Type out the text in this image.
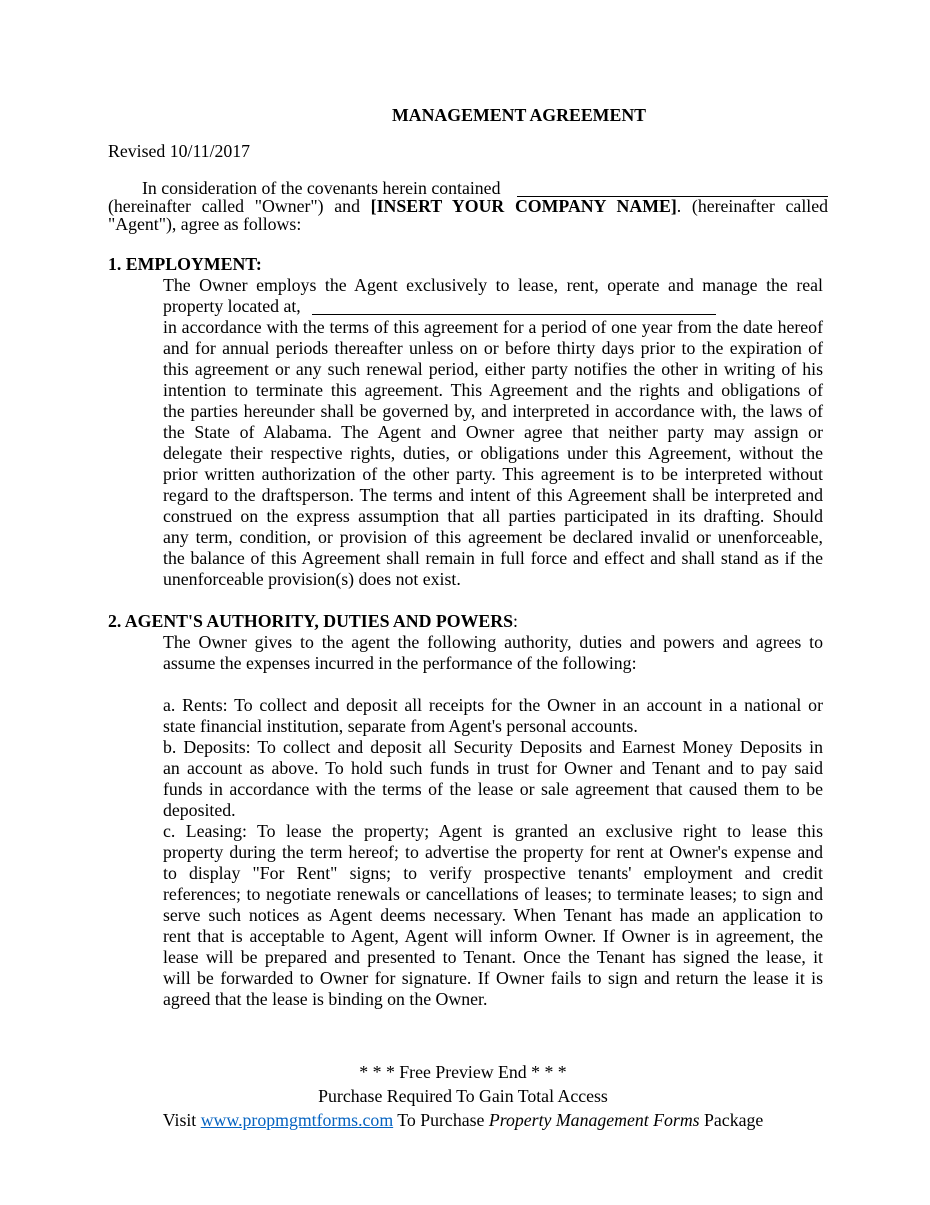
MANAGEMENT AGREEMENT
Revised 10/11/2017
In consideration of the covenants herein contained
(hereinafter called "Owner") and [INSERT YOUR COMPANY NAME]. (hereinafter called
"Agent"), agree as follows:
1. EMPLOYMENT:
The Owner employs the Agent exclusively to lease, rent, operate and manage the real
property located at,
in accordance with the terms of this agreement for a period of one year from the date hereof
and for annual periods thereafter unless on or before thirty days prior to the expiration of
this agreement or any such renewal period, either party notifies the other in writing of his
intention to terminate this agreement. This Agreement and the rights and obligations of
the parties hereunder shall be governed by, and interpreted in accordance with, the laws of
the State of Alabama. The Agent and Owner agree that neither party may assign or
delegate their respective rights, duties, or obligations under this Agreement, without the
prior written authorization of the other party. This agreement is to be interpreted without
regard to the draftsperson. The terms and intent of this Agreement shall be interpreted and
construed on the express assumption that all parties participated in its drafting. Should
any term, condition, or provision of this agreement be declared invalid or unenforceable,
the balance of this Agreement shall remain in full force and effect and shall stand as if the
unenforceable provision(s) does not exist.
2. AGENT'S AUTHORITY, DUTIES AND POWERS:
The Owner gives to the agent the following authority, duties and powers and agrees to
assume the expenses incurred in the performance of the following:
a. Rents: To collect and deposit all receipts for the Owner in an account in a national or
state financial institution, separate from Agent's personal accounts.
b. Deposits: To collect and deposit all Security Deposits and Earnest Money Deposits in
an account as above. To hold such funds in trust for Owner and Tenant and to pay said
funds in accordance with the terms of the lease or sale agreement that caused them to be
deposited.
c. Leasing: To lease the property; Agent is granted an exclusive right to lease this
property during the term hereof; to advertise the property for rent at Owner's expense and
to display "For Rent" signs; to verify prospective tenants' employment and credit
references; to negotiate renewals or cancellations of leases; to terminate leases; to sign and
serve such notices as Agent deems necessary. When Tenant has made an application to
rent that is acceptable to Agent, Agent will inform Owner. If Owner is in agreement, the
lease will be prepared and presented to Tenant. Once the Tenant has signed the lease, it
will be forwarded to Owner for signature. If Owner fails to sign and return the lease it is
agreed that the lease is binding on the Owner.
* * * Free Preview End * * *
Purchase Required To Gain Total Access
Visit www.propmgmtforms.com To Purchase Property Management Forms Package
